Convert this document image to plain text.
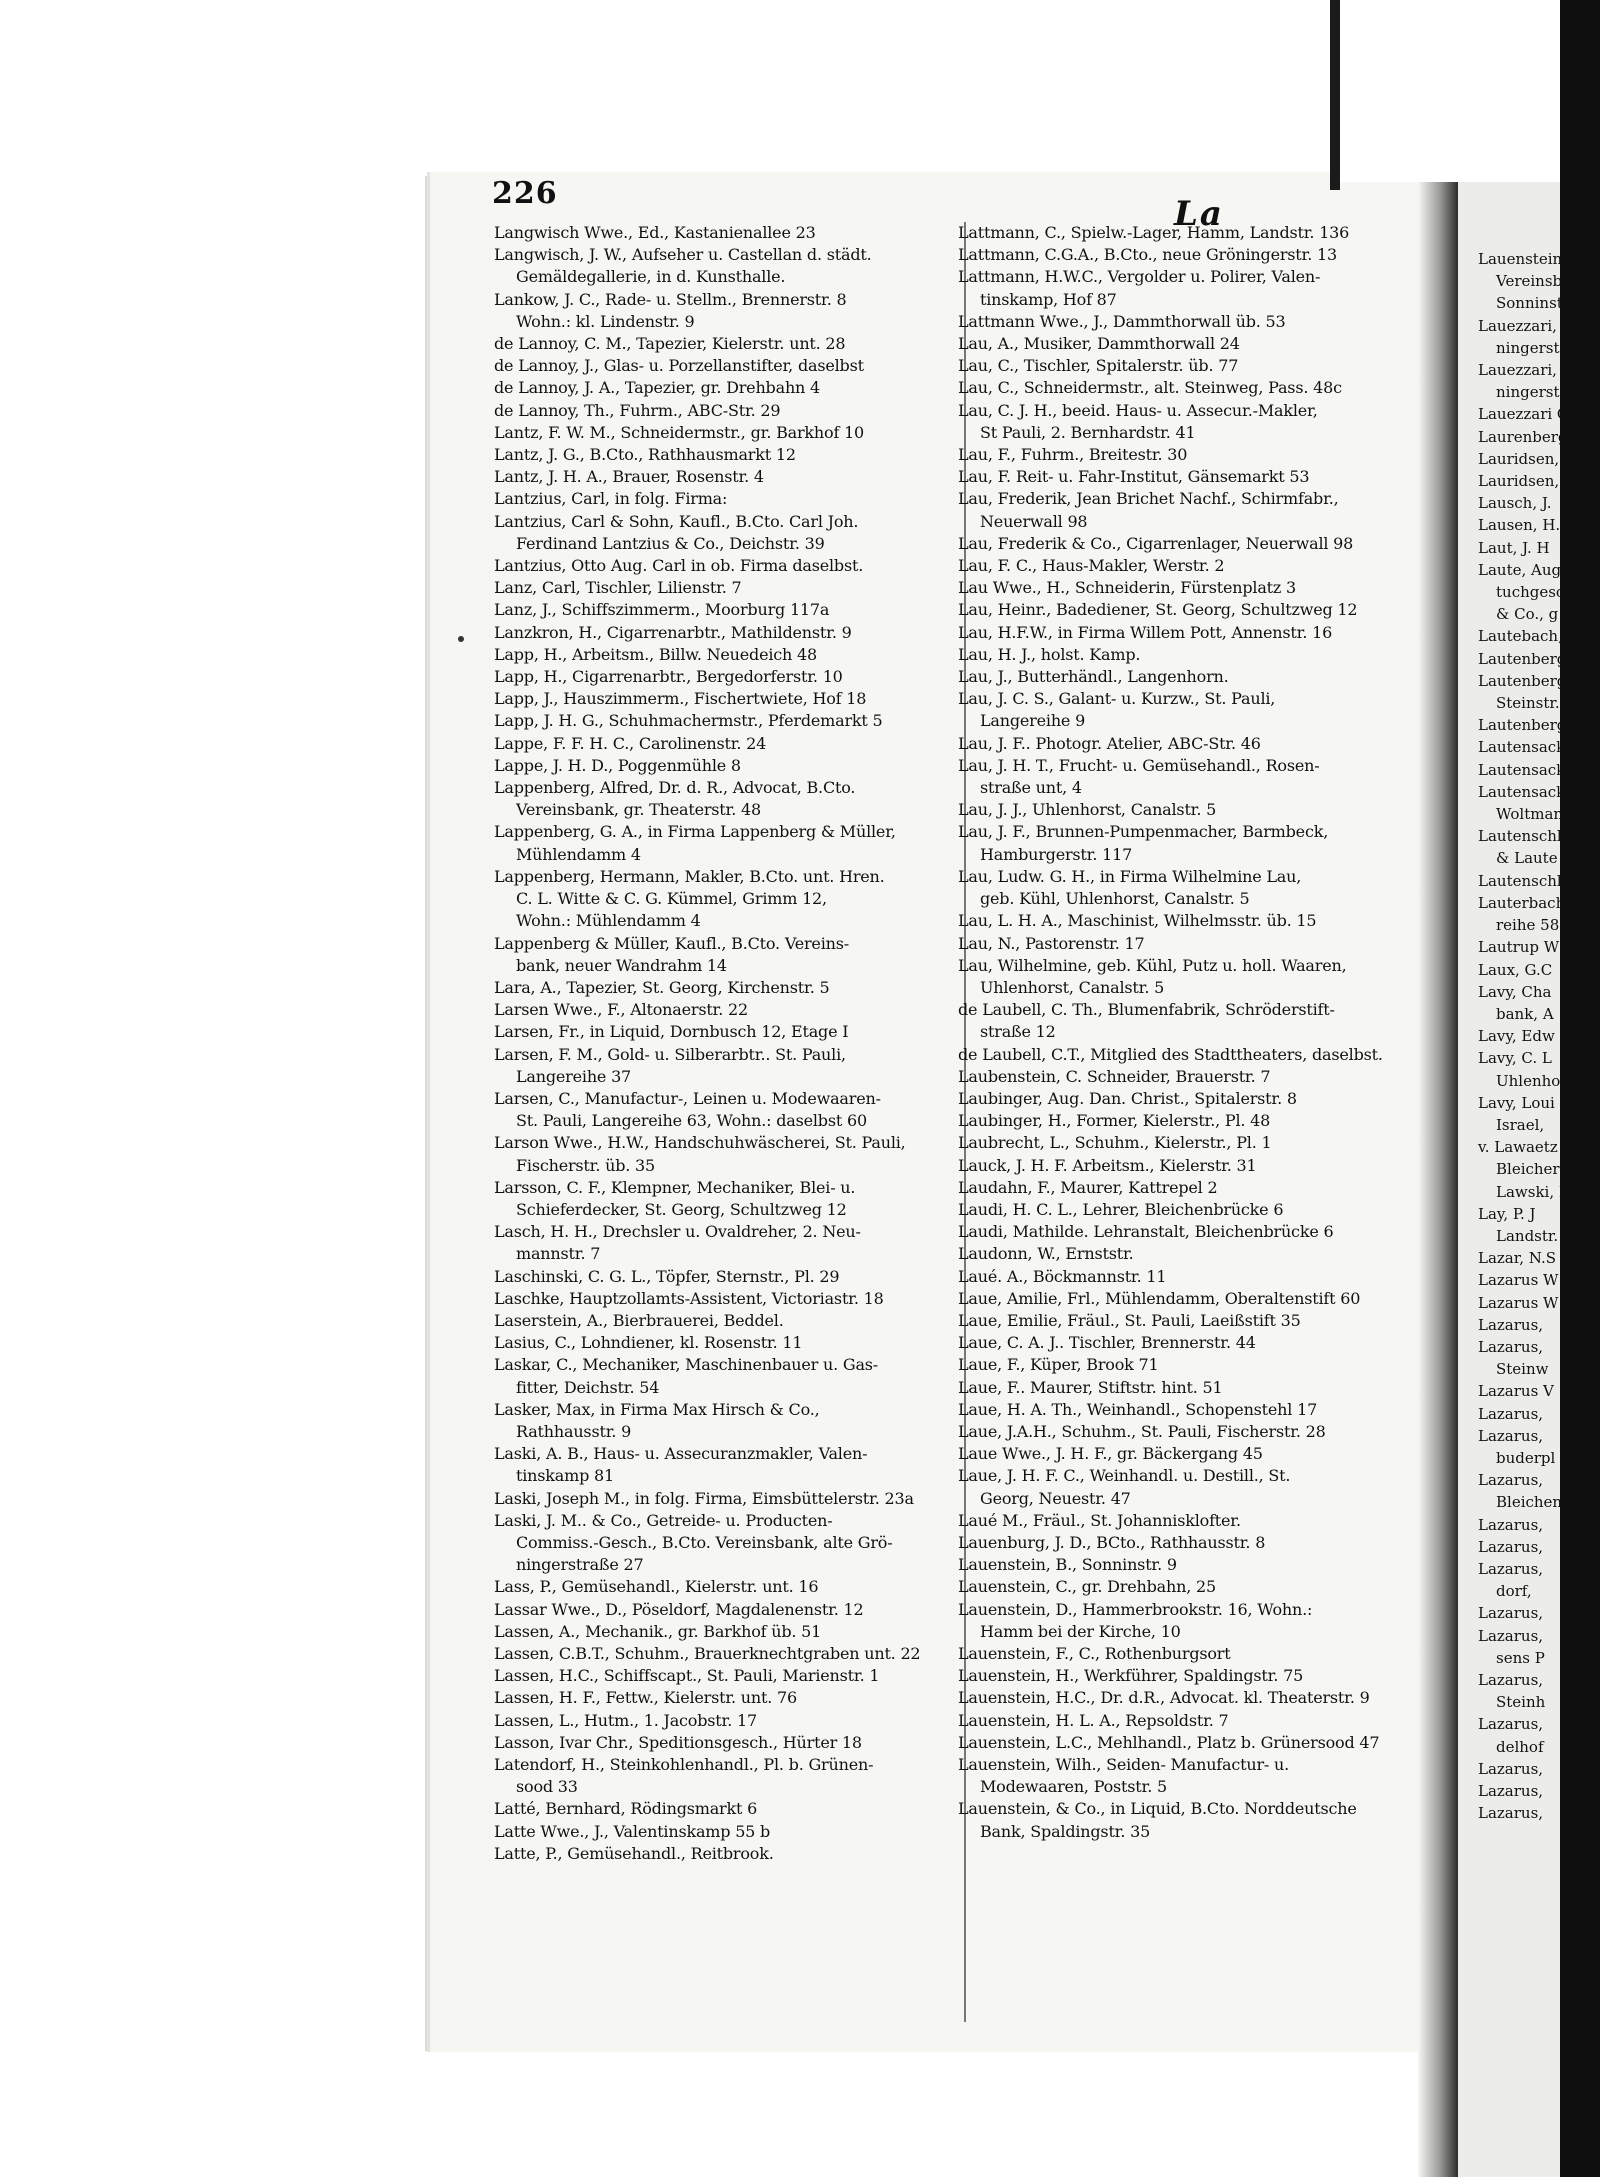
226
La
Langwisch Wwe., Ed., Kastanienallee 23
Langwisch, J. W., Aufseher u. Castellan d. städt.
Gemäldegallerie, in d. Kunsthalle.
Lankow, J. C., Rade- u. Stellm., Brennerstr. 8
Wohn.: kl. Lindenstr. 9
de Lannoy, C. M., Tapezier, Kielerstr. unt. 28
de Lannoy, J., Glas- u. Porzellanstifter, daselbst
de Lannoy, J. A., Tapezier, gr. Drehbahn 4
de Lannoy, Th., Fuhrm., ABC-Str. 29
Lantz, F. W. M., Schneidermstr., gr. Barkhof 10
Lantz, J. G., B.Cto., Rathhausmarkt 12
Lantz, J. H. A., Brauer, Rosenstr. 4
Lantzius, Carl, in folg. Firma:
Lantzius, Carl & Sohn, Kaufl., B.Cto. Carl Joh.
Ferdinand Lantzius & Co., Deichstr. 39
Lantzius, Otto Aug. Carl in ob. Firma daselbst.
Lanz, Carl, Tischler, Lilienstr. 7
Lanz, J., Schiffszimmerm., Moorburg 117a
Lanzkron, H., Cigarrenarbtr., Mathildenstr. 9
Lapp, H., Arbeitsm., Billw. Neuedeich 48
Lapp, H., Cigarrenarbtr., Bergedorferstr. 10
Lapp, J., Hauszimmerm., Fischertwiete, Hof 18
Lapp, J. H. G., Schuhmachermstr., Pferdemarkt 5
Lappe, F. F. H. C., Carolinenstr. 24
Lappe, J. H. D., Poggenmühle 8
Lappenberg, Alfred, Dr. d. R., Advocat, B.Cto.
Vereinsbank, gr. Theaterstr. 48
Lappenberg, G. A., in Firma Lappenberg & Müller,
Mühlendamm 4
Lappenberg, Hermann, Makler, B.Cto. unt. Hren.
C. L. Witte & C. G. Kümmel, Grimm 12,
Wohn.: Mühlendamm 4
Lappenberg & Müller, Kaufl., B.Cto. Vereins-
bank, neuer Wandrahm 14
Lara, A., Tapezier, St. Georg, Kirchenstr. 5
Larsen Wwe., F., Altonaerstr. 22
Larsen, Fr., in Liquid, Dornbusch 12, Etage I
Larsen, F. M., Gold- u. Silberarbtr.. St. Pauli,
Langereihe 37
Larsen, C., Manufactur-, Leinen u. Modewaaren-
St. Pauli, Langereihe 63, Wohn.: daselbst 60
Larson Wwe., H.W., Handschuhwäscherei, St. Pauli,
Fischerstr. üb. 35
Larsson, C. F., Klempner, Mechaniker, Blei- u.
Schieferdecker, St. Georg, Schultzweg 12
Lasch, H. H., Drechsler u. Ovaldreher, 2. Neu-
mannstr. 7
Laschinski, C. G. L., Töpfer, Sternstr., Pl. 29
Laschke, Hauptzollamts-Assistent, Victoriastr. 18
Laserstein, A., Bierbrauerei, Beddel.
Lasius, C., Lohndiener, kl. Rosenstr. 11
Laskar, C., Mechaniker, Maschinenbauer u. Gas-
fitter, Deichstr. 54
Lasker, Max, in Firma Max Hirsch & Co.,
Rathhausstr. 9
Laski, A. B., Haus- u. Assecuranzmakler, Valen-
tinskamp 81
Laski, Joseph M., in folg. Firma, Eimsbüttelerstr. 23a
Laski, J. M.. & Co., Getreide- u. Producten-
Commiss.-Gesch., B.Cto. Vereinsbank, alte Grö-
ningerstraße 27
Lass, P., Gemüsehandl., Kielerstr. unt. 16
Lassar Wwe., D., Pöseldorf, Magdalenenstr. 12
Lassen, A., Mechanik., gr. Barkhof üb. 51
Lassen, C.B.T., Schuhm., Brauerknechtgraben unt. 22
Lassen, H.C., Schiffscapt., St. Pauli, Marienstr. 1
Lassen, H. F., Fettw., Kielerstr. unt. 76
Lassen, L., Hutm., 1. Jacobstr. 17
Lasson, Ivar Chr., Speditionsgesch., Hürter 18
Latendorf, H., Steinkohlenhandl., Pl. b. Grünen-
sood 33
Latté, Bernhard, Rödingsmarkt 6
Latte Wwe., J., Valentinskamp 55 b
Latte, P., Gemüsehandl., Reitbrook.
Lattmann, C., Spielw.-Lager, Hamm, Landstr. 136
Lattmann, C.G.A., B.Cto., neue Gröningerstr. 13
Lattmann, H.W.C., Vergolder u. Polirer, Valen-
tinskamp, Hof 87
Lattmann Wwe., J., Dammthorwall üb. 53
Lau, A., Musiker, Dammthorwall 24
Lau, C., Tischler, Spitalerstr. üb. 77
Lau, C., Schneidermstr., alt. Steinweg, Pass. 48c
Lau, C. J. H., beeid. Haus- u. Assecur.-Makler,
St Pauli, 2. Bernhardstr. 41
Lau, F., Fuhrm., Breitestr. 30
Lau, F. Reit- u. Fahr-Institut, Gänsemarkt 53
Lau, Frederik, Jean Brichet Nachf., Schirmfabr.,
Neuerwall 98
Lau, Frederik & Co., Cigarrenlager, Neuerwall 98
Lau, F. C., Haus-Makler, Werstr. 2
Lau Wwe., H., Schneiderin, Fürstenplatz 3
Lau, Heinr., Badediener, St. Georg, Schultzweg 12
Lau, H.F.W., in Firma Willem Pott, Annenstr. 16
Lau, H. J., holst. Kamp.
Lau, J., Butterhändl., Langenhorn.
Lau, J. C. S., Galant- u. Kurzw., St. Pauli,
Langereihe 9
Lau, J. F.. Photogr. Atelier, ABC-Str. 46
Lau, J. H. T., Frucht- u. Gemüsehandl., Rosen-
straße unt, 4
Lau, J. J., Uhlenhorst, Canalstr. 5
Lau, J. F., Brunnen-Pumpenmacher, Barmbeck,
Hamburgerstr. 117
Lau, Ludw. G. H., in Firma Wilhelmine Lau,
geb. Kühl, Uhlenhorst, Canalstr. 5
Lau, L. H. A., Maschinist, Wilhelmsstr. üb. 15
Lau, N., Pastorenstr. 17
Lau, Wilhelmine, geb. Kühl, Putz u. holl. Waaren,
Uhlenhorst, Canalstr. 5
de Laubell, C. Th., Blumenfabrik, Schröderstift-
straße 12
de Laubell, C.T., Mitglied des Stadttheaters, daselbst.
Laubenstein, C. Schneider, Brauerstr. 7
Laubinger, Aug. Dan. Christ., Spitalerstr. 8
Laubinger, H., Former, Kielerstr., Pl. 48
Laubrecht, L., Schuhm., Kielerstr., Pl. 1
Lauck, J. H. F. Arbeitsm., Kielerstr. 31
Laudahn, F., Maurer, Kattrepel 2
Laudi, H. C. L., Lehrer, Bleichenbrücke 6
Laudi, Mathilde. Lehranstalt, Bleichenbrücke 6
Laudonn, W., Ernststr.
Laué. A., Böckmannstr. 11
Laue, Amilie, Frl., Mühlendamm, Oberaltenstift 60
Laue, Emilie, Fräul., St. Pauli, Laeißstift 35
Laue, C. A. J.. Tischler, Brennerstr. 44
Laue, F., Küper, Brook 71
Laue, F.. Maurer, Stiftstr. hint. 51
Laue, H. A. Th., Weinhandl., Schopenstehl 17
Laue, J.A.H., Schuhm., St. Pauli, Fischerstr. 28
Laue Wwe., J. H. F., gr. Bäckergang 45
Laue, J. H. F. C., Weinhandl. u. Destill., St.
Georg, Neuestr. 47
Laué M., Fräul., St. Johannisklofter.
Lauenburg, J. D., BCto., Rathhausstr. 8
Lauenstein, B., Sonninstr. 9
Lauenstein, C., gr. Drehbahn, 25
Lauenstein, D., Hammerbrookstr. 16, Wohn.:
Hamm bei der Kirche, 10
Lauenstein, F., C., Rothenburgsort
Lauenstein, H., Werkführer, Spaldingstr. 75
Lauenstein, H.C., Dr. d.R., Advocat. kl. Theaterstr. 9
Lauenstein, H. L. A., Repsoldstr. 7
Lauenstein, L.C., Mehlhandl., Platz b. Grünersood 47
Lauenstein, Wilh., Seiden- Manufactur- u.
Modewaaren, Poststr. 5
Lauenstein, & Co., in Liquid, B.Cto. Norddeutsche
Bank, Spaldingstr. 35
Lauenstein'sc
Vereinsba
Sonninstr
Lauezzari, J
ningerstr.
Lauezzari, C
ningerstr.
Lauezzari C
Laurenberg,
Lauridsen,
Lauridsen,
Lausch, J.
Lausen, H.
Laut, J. H
Laute, Augu
tuchgesch.
& Co., g
Lautebach, C
Lautenberg,
Lautenberg,
Steinstr.
Lautenberg,
Lautensack,
Lautensack
Lautensack,
Woltman
Lautenschläg
& Laute
Lautenschlä
Lauterbach,
reihe 58
Lautrup W
Laux, G.C
Lavy, Cha
bank, A
Lavy, Edw
Lavy, C. L
Uhlenho
Lavy, Loui
Israel,
v. Lawaetz
Bleicher
Lawski, F.
Lay, P. J
Landstr.
Lazar, N.S
Lazarus W
Lazarus W
Lazarus,
Lazarus,
Steinw
Lazarus V
Lazarus,
Lazarus,
buderpl
Lazarus,
Bleichen
Lazarus,
Lazarus,
Lazarus,
dorf,
Lazarus,
Lazarus,
sens P
Lazarus,
Steinh
Lazarus,
delhof
Lazarus,
Lazarus,
Lazarus,
